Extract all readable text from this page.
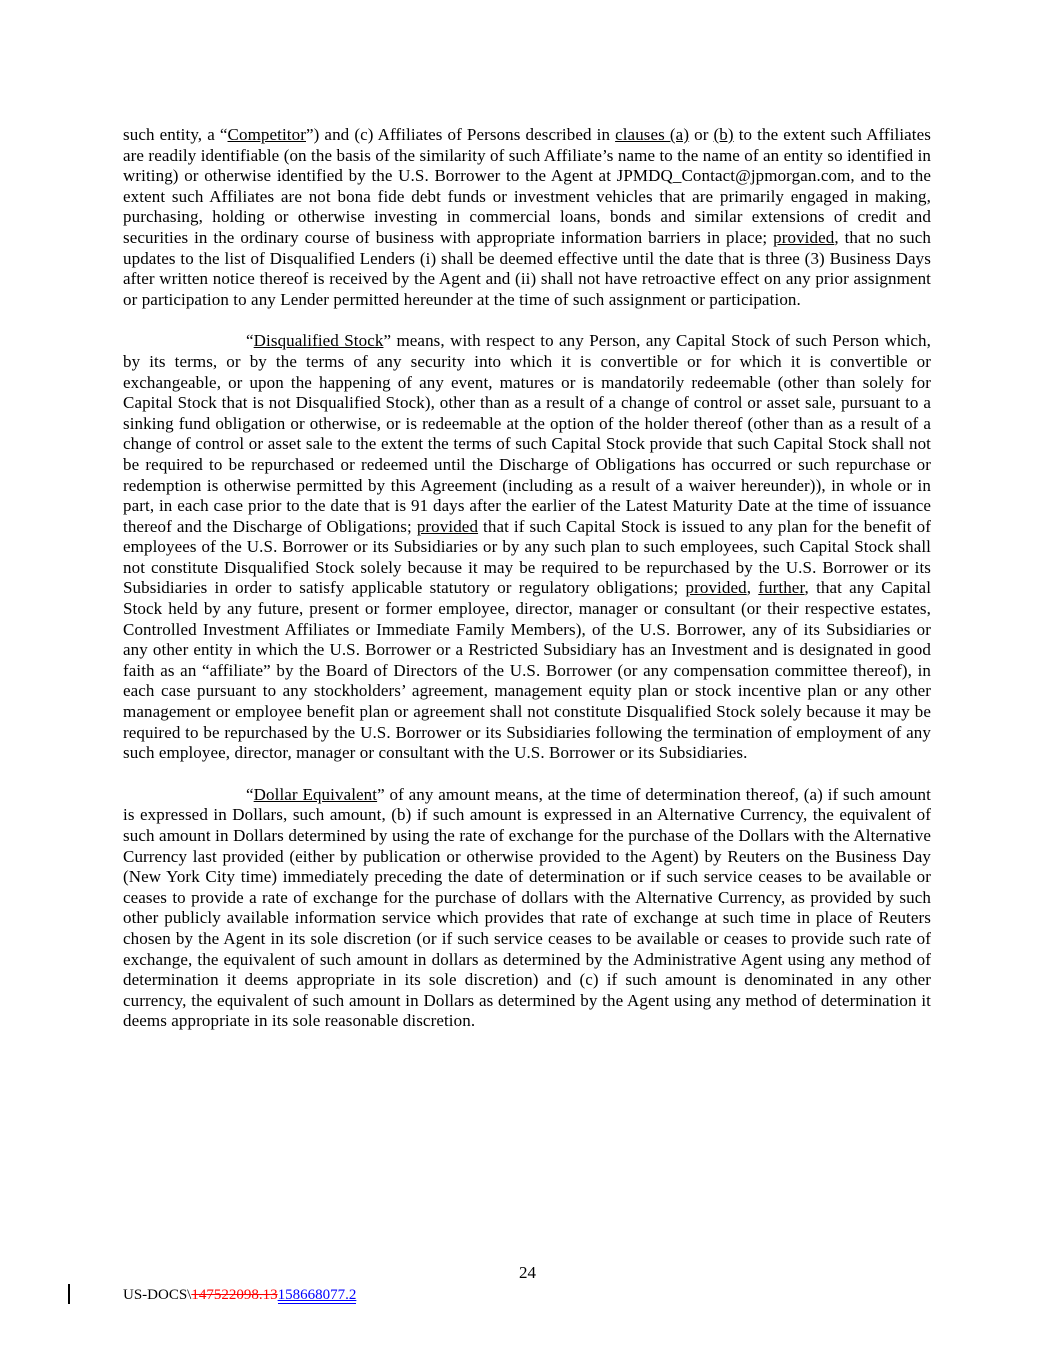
such entity, a “Competitor”) and (c) Affiliates of Persons described in clauses (a) or (b) to the extent such Affiliates are readily identifiable (on the basis of the similarity of such Affiliate’s name to the name of an entity so identified in writing) or otherwise identified by the U.S. Borrower to the Agent at JPMDQ_Contact@jpmorgan.com, and to the extent such Affiliates are not bona fide debt funds or investment vehicles that are primarily engaged in making, purchasing, holding or otherwise investing in commercial loans, bonds and similar extensions of credit and securities in the ordinary course of business with appropriate information barriers in place; provided, that no such updates to the list of Disqualified Lenders (i) shall be deemed effective until the date that is three (3) Business Days after written notice thereof is received by the Agent and (ii) shall not have retroactive effect on any prior assignment or participation to any Lender permitted hereunder at the time of such assignment or participation.

“Disqualified Stock” means, with respect to any Person, any Capital Stock of such Person which, by its terms, or by the terms of any security into which it is convertible or for which it is convertible or exchangeable, or upon the happening of any event, matures or is mandatorily redeemable (other than solely for Capital Stock that is not Disqualified Stock), other than as a result of a change of control or asset sale, pursuant to a sinking fund obligation or otherwise, or is redeemable at the option of the holder thereof (other than as a result of a change of control or asset sale to the extent the terms of such Capital Stock provide that such Capital Stock shall not be required to be repurchased or redeemed until the Discharge of Obligations has occurred or such repurchase or redemption is otherwise permitted by this Agreement (including as a result of a waiver hereunder)), in whole or in part, in each case prior to the date that is 91 days after the earlier of the Latest Maturity Date at the time of issuance thereof and the Discharge of Obligations; provided that if such Capital Stock is issued to any plan for the benefit of employees of the U.S. Borrower or its Subsidiaries or by any such plan to such employees, such Capital Stock shall not constitute Disqualified Stock solely because it may be required to be repurchased by the U.S. Borrower or its Subsidiaries in order to satisfy applicable statutory or regulatory obligations; provided, further, that any Capital Stock held by any future, present or former employee, director, manager or consultant (or their respective estates, Controlled Investment Affiliates or Immediate Family Members), of the U.S. Borrower, any of its Subsidiaries or any other entity in which the U.S. Borrower or a Restricted Subsidiary has an Investment and is designated in good faith as an “affiliate” by the Board of Directors of the U.S. Borrower (or any compensation committee thereof), in each case pursuant to any stockholders’ agreement, management equity plan or stock incentive plan or any other management or employee benefit plan or agreement shall not constitute Disqualified Stock solely because it may be required to be repurchased by the U.S. Borrower or its Subsidiaries following the termination of employment of any such employee, director, manager or consultant with the U.S. Borrower or its Subsidiaries.

“Dollar Equivalent” of any amount means, at the time of determination thereof, (a) if such amount is expressed in Dollars, such amount, (b) if such amount is expressed in an Alternative Currency, the equivalent of such amount in Dollars determined by using the rate of exchange for the purchase of the Dollars with the Alternative Currency last provided (either by publication or otherwise provided to the Agent) by Reuters on the Business Day (New York City time) immediately preceding the date of determination or if such service ceases to be available or ceases to provide a rate of exchange for the purchase of dollars with the Alternative Currency, as provided by such other publicly available information service which provides that rate of exchange at such time in place of Reuters chosen by the Agent in its sole discretion (or if such service ceases to be available or ceases to provide such rate of exchange, the equivalent of such amount in dollars as determined by the Administrative Agent using any method of determination it deems appropriate in its sole discretion) and (c) if such amount is denominated in any other currency, the equivalent of such amount in Dollars as determined by the Agent using any method of determination it deems appropriate in its sole reasonable discretion.

24
US-DOCS\147522098.13158668077.2
